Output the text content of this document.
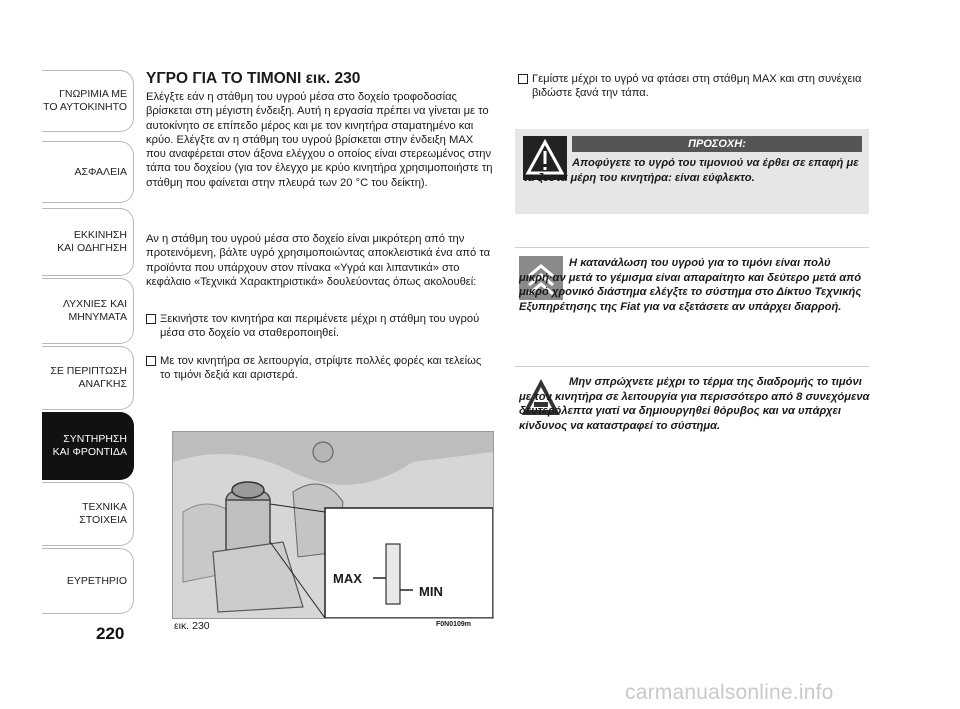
ΓΝΩΡΙΜΙΑ ΜΕ
ΤΟ ΑΥΤΟΚΙΝΗΤΟ
ΑΣΦΑΛΕΙΑ
ΕΚΚΙΝΗΣΗ
ΚΑΙ ΟΔΗΓΗΣΗ
ΛΥΧΝΙΕΣ ΚΑΙ
ΜΗΝΥΜΑΤΑ
ΣΕ ΠΕΡΙΠΤΩΣΗ
ΑΝΑΓΚΗΣ
ΣΥΝΤΗΡΗΣΗ
ΚΑΙ ΦΡΟΝΤΙΔΑ
ΤΕΧΝΙΚΑ
ΣΤΟΙΧΕΙΑ
ΕΥΡΕΤΗΡΙΟ
220
ΥΓΡΟ ΓΙΑ ΤΟ ΤΙΜΟΝΙ εικ. 230
Ελέγξτε εάν η στάθμη του υγρού μέσα στο δοχείο τροφοδοσίας βρίσκεται στη μέγιστη ένδειξη. Αυτή η εργασία πρέπει να γίνεται με το αυτοκίνητο σε επίπεδο μέρος και με τον κινητήρα σταματημένο και κρύο. Ελέγξτε αν η στάθμη του υγρού βρίσκεται στην ένδειξη MAX που αναφέρεται στον άξονα ελέγχου ο οποίος είναι στερεωμένος στην τάπα του δοχείου (για τον έλεγχο με κρύο κινητήρα χρησιμοποιήστε τη στάθμη που φαίνεται στην πλευρά των 20 °C του δείκτη).
Αν η στάθμη του υγρού μέσα στο δοχείο είναι μικρότερη από την προτεινόμενη, βάλτε υγρό χρησιμοποιώντας αποκλειστικά ένα από τα προϊόντα που υπάρχουν στον πίνακα «Υγρά και λιπαντικά» στο κεφάλαιο «Τεχνικά Χαρακτηριστικά» δουλεύοντας όπως ακολουθεί:
Ξεκινήστε τον κινητήρα και περιμένετε μέχρι η στάθμη του υγρού μέσα στο δοχείο να σταθεροποιηθεί.
Με τον κινητήρα σε λειτουργία, στρίψτε πολλές φορές και τελείως το τιμόνι δεξιά και αριστερά.
MAX
MIN
εικ. 230	F0N0109m
Γεμίστε μέχρι το υγρό να φτάσει στη στάθμη MAX και στη συνέχεια βιδώστε ξανά την τάπα.
ΠΡΟΣΟΧΗ:
Αποφύγετε το υγρό του τιμονιού να έρθει σε επαφή με τα ζεστά μέρη του κινητήρα: είναι εύφλεκτο.
Η κατανάλωση του υγρού για το τιμόνι είναι πολύ μικρή·αν μετά το γέμισμα είναι απαραίτητο και δεύτερο μετά από μικρό χρονικό διάστημα ελέγξτε το σύστημα στο Δίκτυο Τεχνικής Εξυπηρέτησης της Fiat για να εξετάσετε αν υπάρχει διαρροή.
Μην σπρώχνετε μέχρι το τέρμα της διαδρομής το τιμόνι με τον κινητήρα σε λειτουργία για περισσότερο από 8 συνεχόμενα δευτερόλεπτα γιατί να δημιουργηθεί θόρυβος και να υπάρχει κίνδυνος να καταστραφεί το σύστημα.
carmanualsonline.info
